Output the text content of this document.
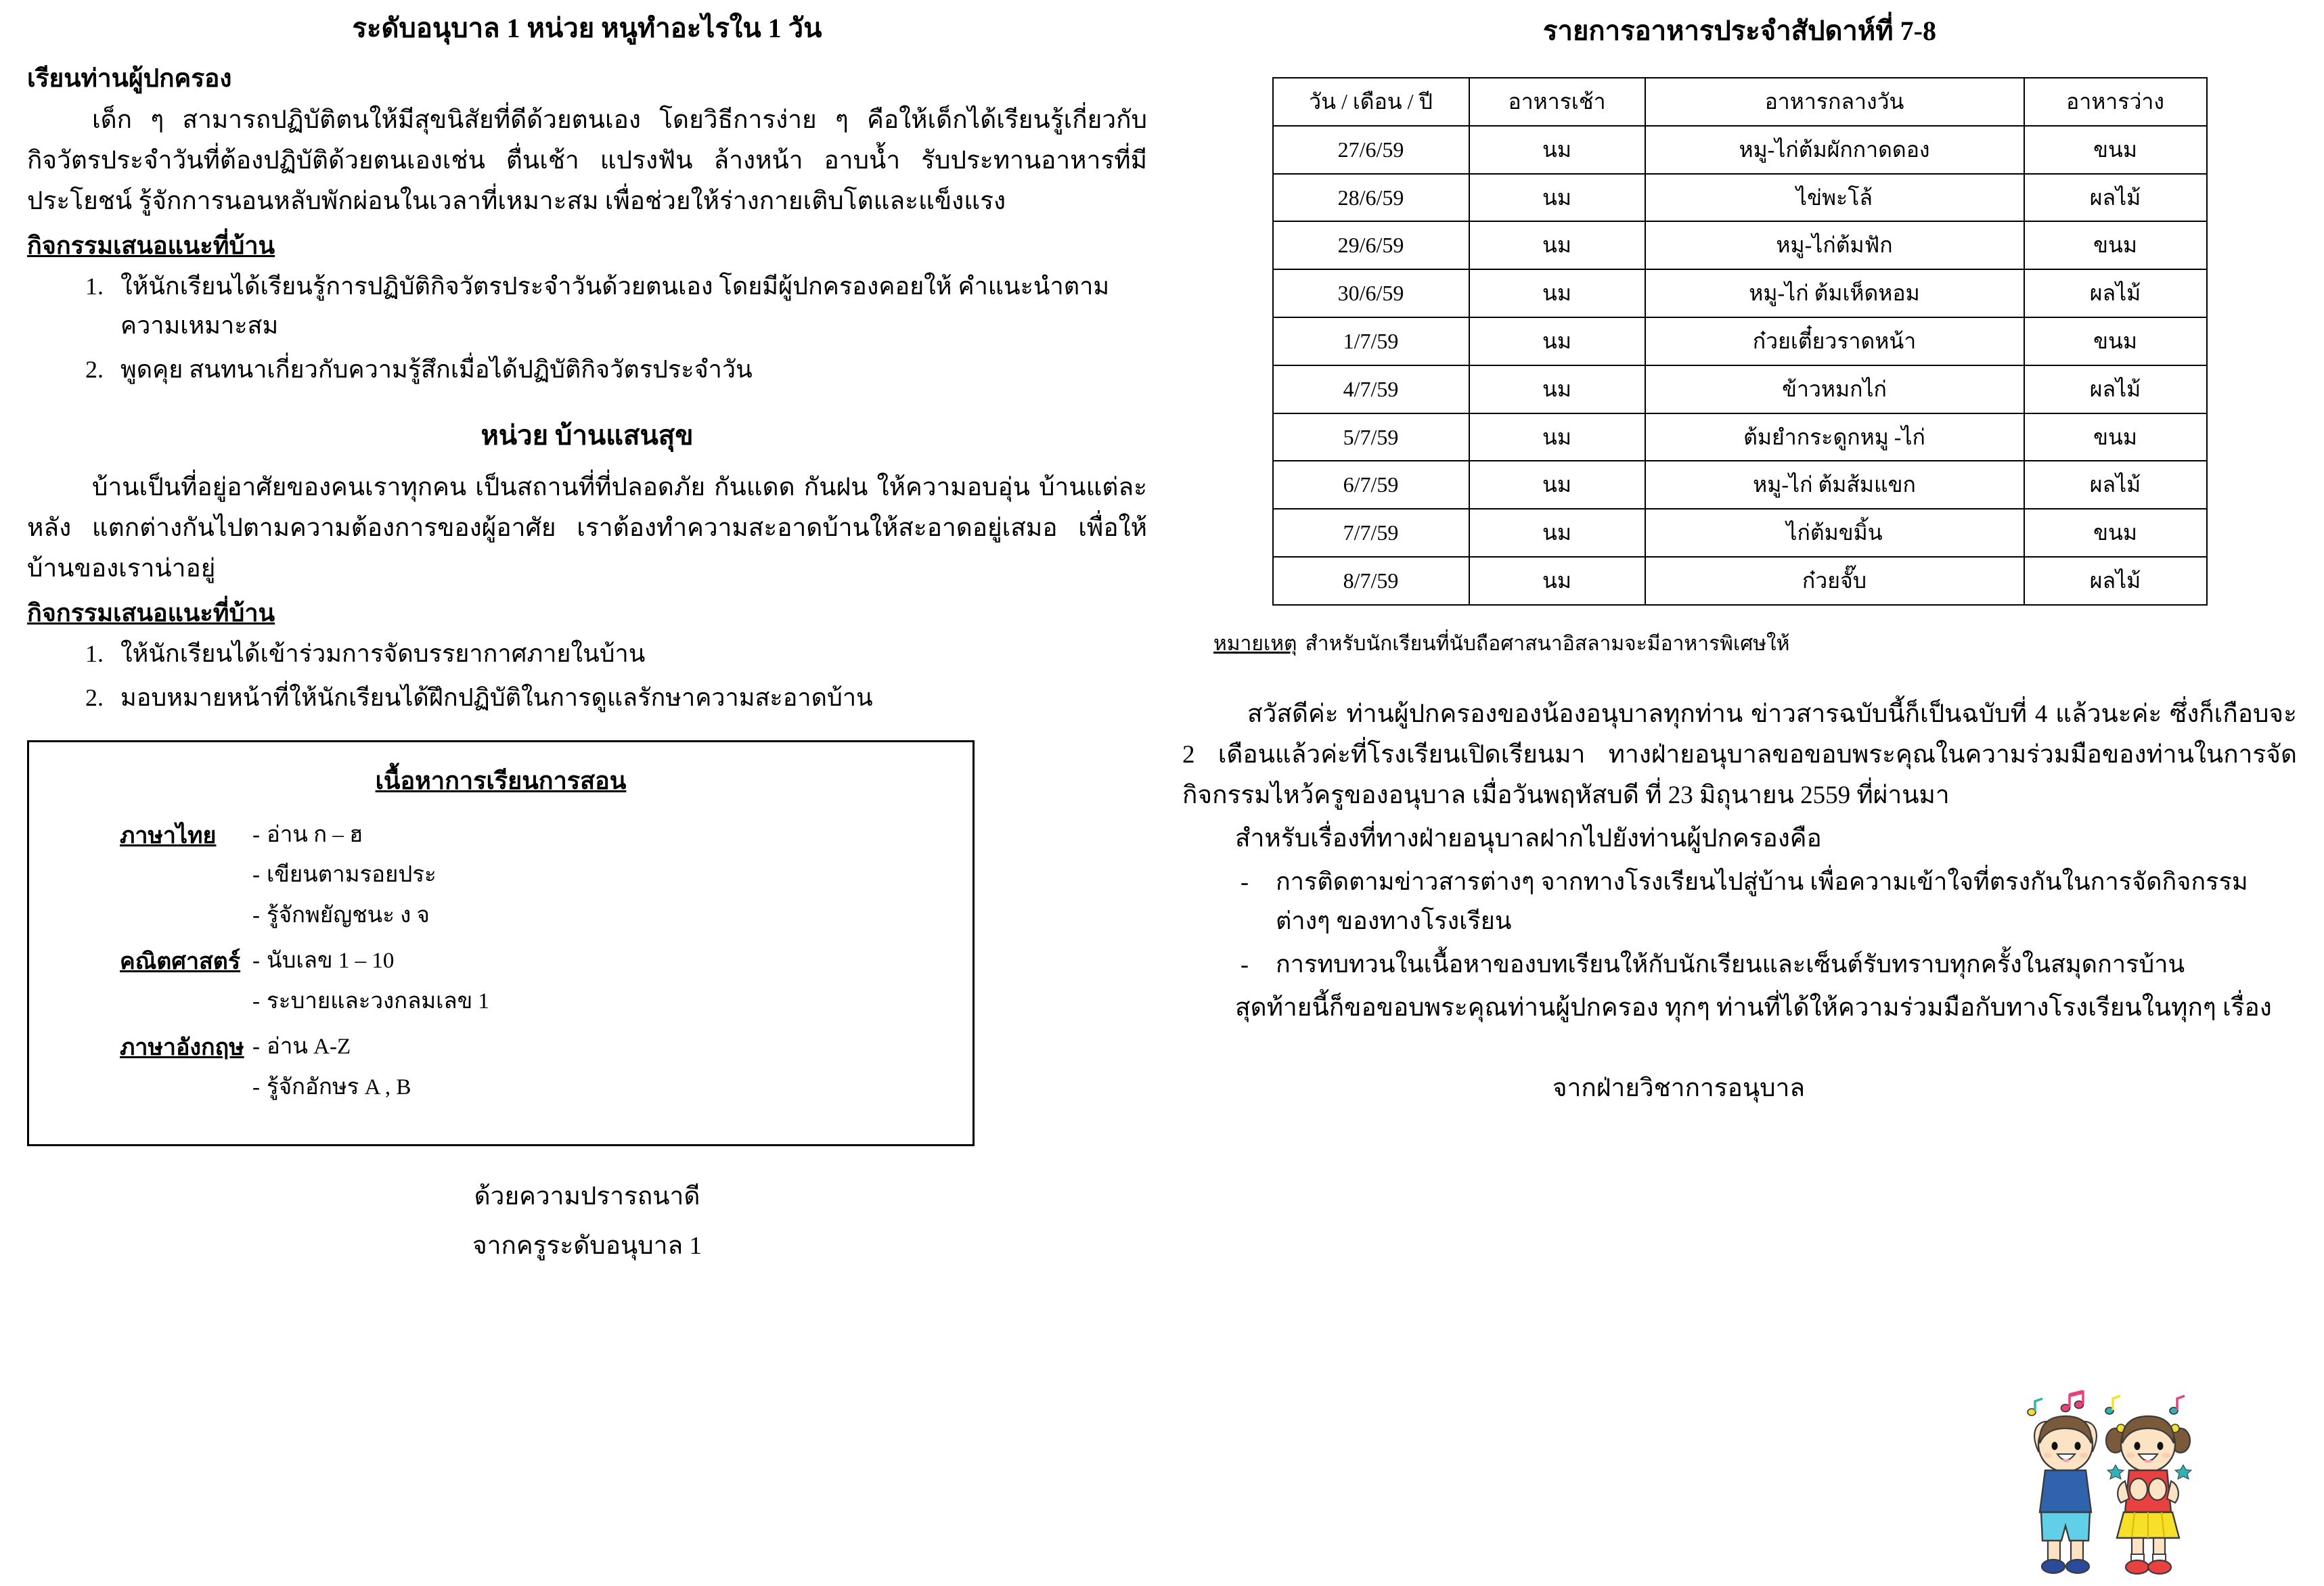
ระดับอนุบาล 1 หน่วย หนูทำอะไรใน 1 วัน
เรียนท่านผู้ปกครอง

เด็ก ๆ สามารถปฏิบัติตนให้มีสุขนิสัยที่ดีด้วยตนเอง โดยวิธีการง่าย ๆ คือให้เด็กได้เรียนรู้เกี่ยวกับกิจวัตรประจำวันที่ต้องปฏิบัติด้วยตนเองเช่น ตื่นเช้า แปรงฟัน ล้างหน้า อาบน้ำ รับประทานอาหารที่มีประโยชน์ รู้จักการนอนหลับพักผ่อนในเวลาที่เหมาะสม เพื่อช่วยให้ร่างกายเติบโตและแข็งแรง

กิจกรรมเสนอแนะที่บ้าน
1. ให้นักเรียนได้เรียนรู้การปฏิบัติกิจวัตรประจำวันด้วยตนเอง โดยมีผู้ปกครองคอยให้ คำแนะนำตามความเหมาะสม
2. พูดคุย สนทนาเกี่ยวกับความรู้สึกเมื่อได้ปฏิบัติกิจวัตรประจำวัน
หน่วย บ้านแสนสุข

บ้านเป็นที่อยู่อาศัยของคนเราทุกคน เป็นสถานที่ที่ปลอดภัย กันแดด กันฝน ให้ความอบอุ่น บ้านแต่ละหลัง แตกต่างกันไปตามความต้องการของผู้อาศัย เราต้องทำความสะอาดบ้านให้สะอาดอยู่เสมอ เพื่อให้บ้านของเราน่าอยู่

กิจกรรมเสนอแนะที่บ้าน
1. ให้นักเรียนได้เข้าร่วมการจัดบรรยากาศภายในบ้าน
2. มอบหมายหน้าที่ให้นักเรียนได้ฝึกปฏิบัติในการดูแลรักษาความสะอาดบ้าน
เนื้อหาการเรียนการสอน
ภาษาไทย	- อ่าน ก – ฮ
- เขียนตามรอยประ
- รู้จักพยัญชนะ ง จ
คณิตศาสตร์ - นับเลข 1 – 10
- ระบายและวงกลมเลข 1
ภาษาอังกฤษ - อ่าน A-Z
- รู้จักอักษร A , B
ด้วยความปรารถนาดี
จากครูระดับอนุบาล 1
รายการอาหารประจำสัปดาห์ที่ 7-8
วัน / เดือน / ปี	อาหารเช้า	อาหารกลางวัน	อาหารว่าง
27/6/59	นม	หมู-ไก่ต้มผักกาดดอง	ขนม
28/6/59	นม	ไข่พะโล้	ผลไม้
29/6/59	นม	หมู-ไก่ต้มฟัก	ขนม
30/6/59	นม	หมู-ไก่ ต้มเห็ดหอม	ผลไม้
1/7/59	นม	ก๋วยเตี๋ยวราดหน้า	ขนม
4/7/59	นม	ข้าวหมกไก่	ผลไม้
5/7/59	นม	ต้มยำกระดูกหมู -ไก่	ขนม
6/7/59	นม	หมู-ไก่ ต้มส้มแขก	ผลไม้
7/7/59	นม	ไก่ต้มขมิ้น	ขนม
8/7/59	นม	ก๋วยจั๊บ	ผลไม้
หมายเหตุ สำหรับนักเรียนที่นับถือศาสนาอิสลามจะมีอาหารพิเศษให้

สวัสดีค่ะ ท่านผู้ปกครองของน้องอนุบาลทุกท่าน ข่าวสารฉบับนี้ก็เป็นฉบับที่ 4 แล้วนะค่ะ ซึ่งก็เกือบจะ 2 เดือนแล้วค่ะที่โรงเรียนเปิดเรียนมา ทางฝ่ายอนุบาลขอขอบพระคุณในความร่วมมือของท่านในการจัดกิจกรรมไหว้ครูของอนุบาล เมื่อวันพฤหัสบดี ที่ 23 มิถุนายน 2559 ที่ผ่านมา

สำหรับเรื่องที่ทางฝ่ายอนุบาลฝากไปยังท่านผู้ปกครองคือ

- การติดตามข่าวสารต่างๆ จากทางโรงเรียนไปสู่บ้าน เพื่อความเข้าใจที่ตรงกันในการจัดกิจกรรมต่างๆ ของทางโรงเรียน
- การทบทวนในเนื้อหาของบทเรียนให้กับนักเรียนและเซ็นต์รับทราบทุกครั้งในสมุดการบ้าน

สุดท้ายนี้ก็ขอขอบพระคุณท่านผู้ปกครอง ทุกๆ ท่านที่ได้ให้ความร่วมมือกับทางโรงเรียนในทุกๆ เรื่อง

จากฝ่ายวิชาการอนุบาล
